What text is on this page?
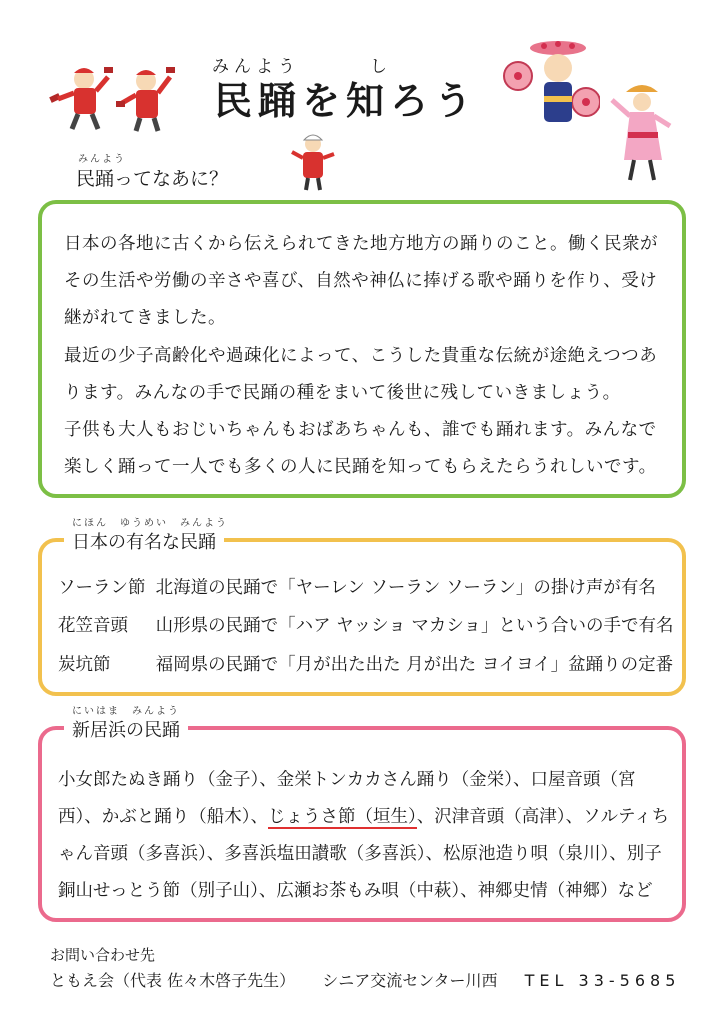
みんよう	し
民踊を知ろう
みんよう
民踊ってなあに？
日本の各地に古くから伝えられてきた地方地方の踊りのこと。働く民衆がその生活や労働の辛さや喜び、自然や神仏に捧げる歌や踊りを作り、受け継がれてきました。
最近の少子高齢化や過疎化によって、こうした貴重な伝統が途絶えつつあります。みんなの手で民踊の種をまいて後世に残していきましょう。
子供も大人もおじいちゃんもおばあちゃんも、誰でも踊れます。みんなで楽しく踊って一人でも多くの人に民踊を知ってもらえたらうれしいです。
にほん　ゆうめい　みんよう
日本の有名な民踊
ソーラン節 北海道の民踊で「ヤーレン ソーラン ソーラン」の掛け声が有名
花笠音頭 山形県の民踊で「ハア ヤッショ マカショ」という合いの手で有名
炭坑節	福岡県の民踊で「月が出た出た 月が出た ヨイヨイ」盆踊りの定番
にいはま　みんよう
新居浜の民踊
小女郎たぬき踊り（金子）、金栄トンカカさん踊り（金栄）、口屋音頭（宮西）、かぶと踊り（船木）、じょうさ節（垣生）、沢津音頭（高津）、ソルティちゃん音頭（多喜浜）、多喜浜塩田讃歌（多喜浜）、松原池造り唄（泉川）、別子銅山せっとう節（別子山）、広瀬お茶もみ唄（中萩）、神郷史情（神郷）など
お問い合わせ先
ともえ会（代表 佐々木啓子先生） シニア交流センター川西 TEL 33-5685
